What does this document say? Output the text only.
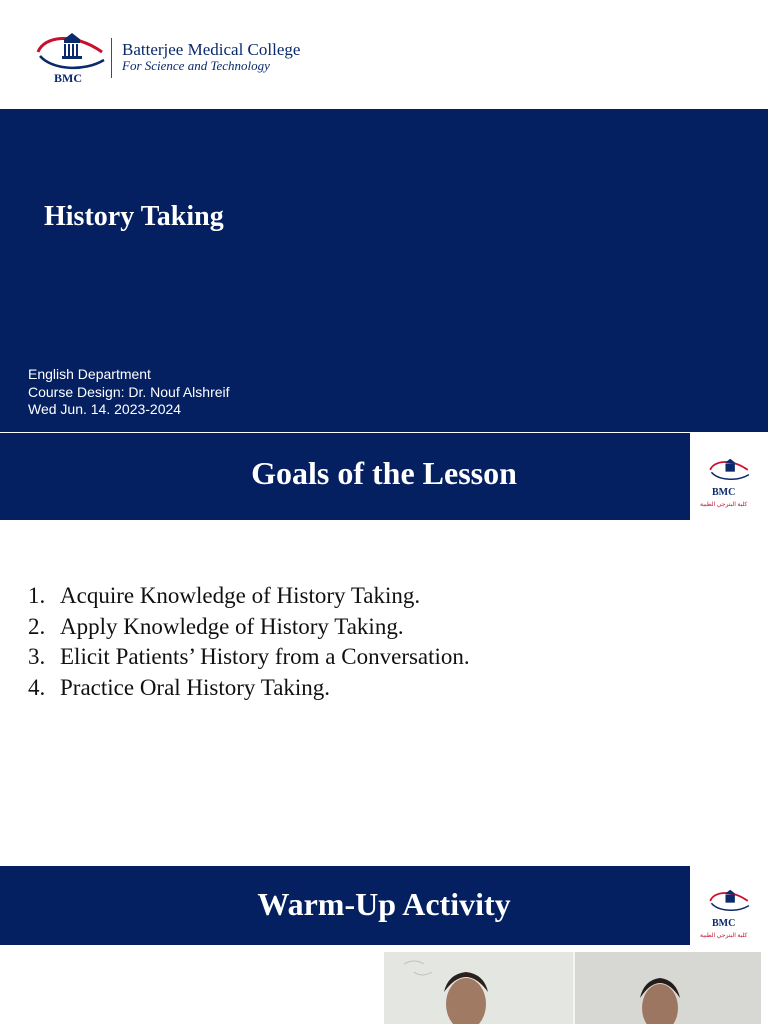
BMC
Batterjee Medical College
For Science and Technology
History Taking
English Department
Course Design: Dr. Nouf Alshreif
Wed Jun. 14. 2023-2024
Goals of the Lesson
BMC
كلية البترجي الطبية
1. Acquire Knowledge of History Taking.
2. Apply Knowledge of History Taking.
3. Elicit Patients’ History from a Conversation.
4. Practice Oral History Taking.
Warm-Up Activity
BMC
كلية البترجي الطبية
